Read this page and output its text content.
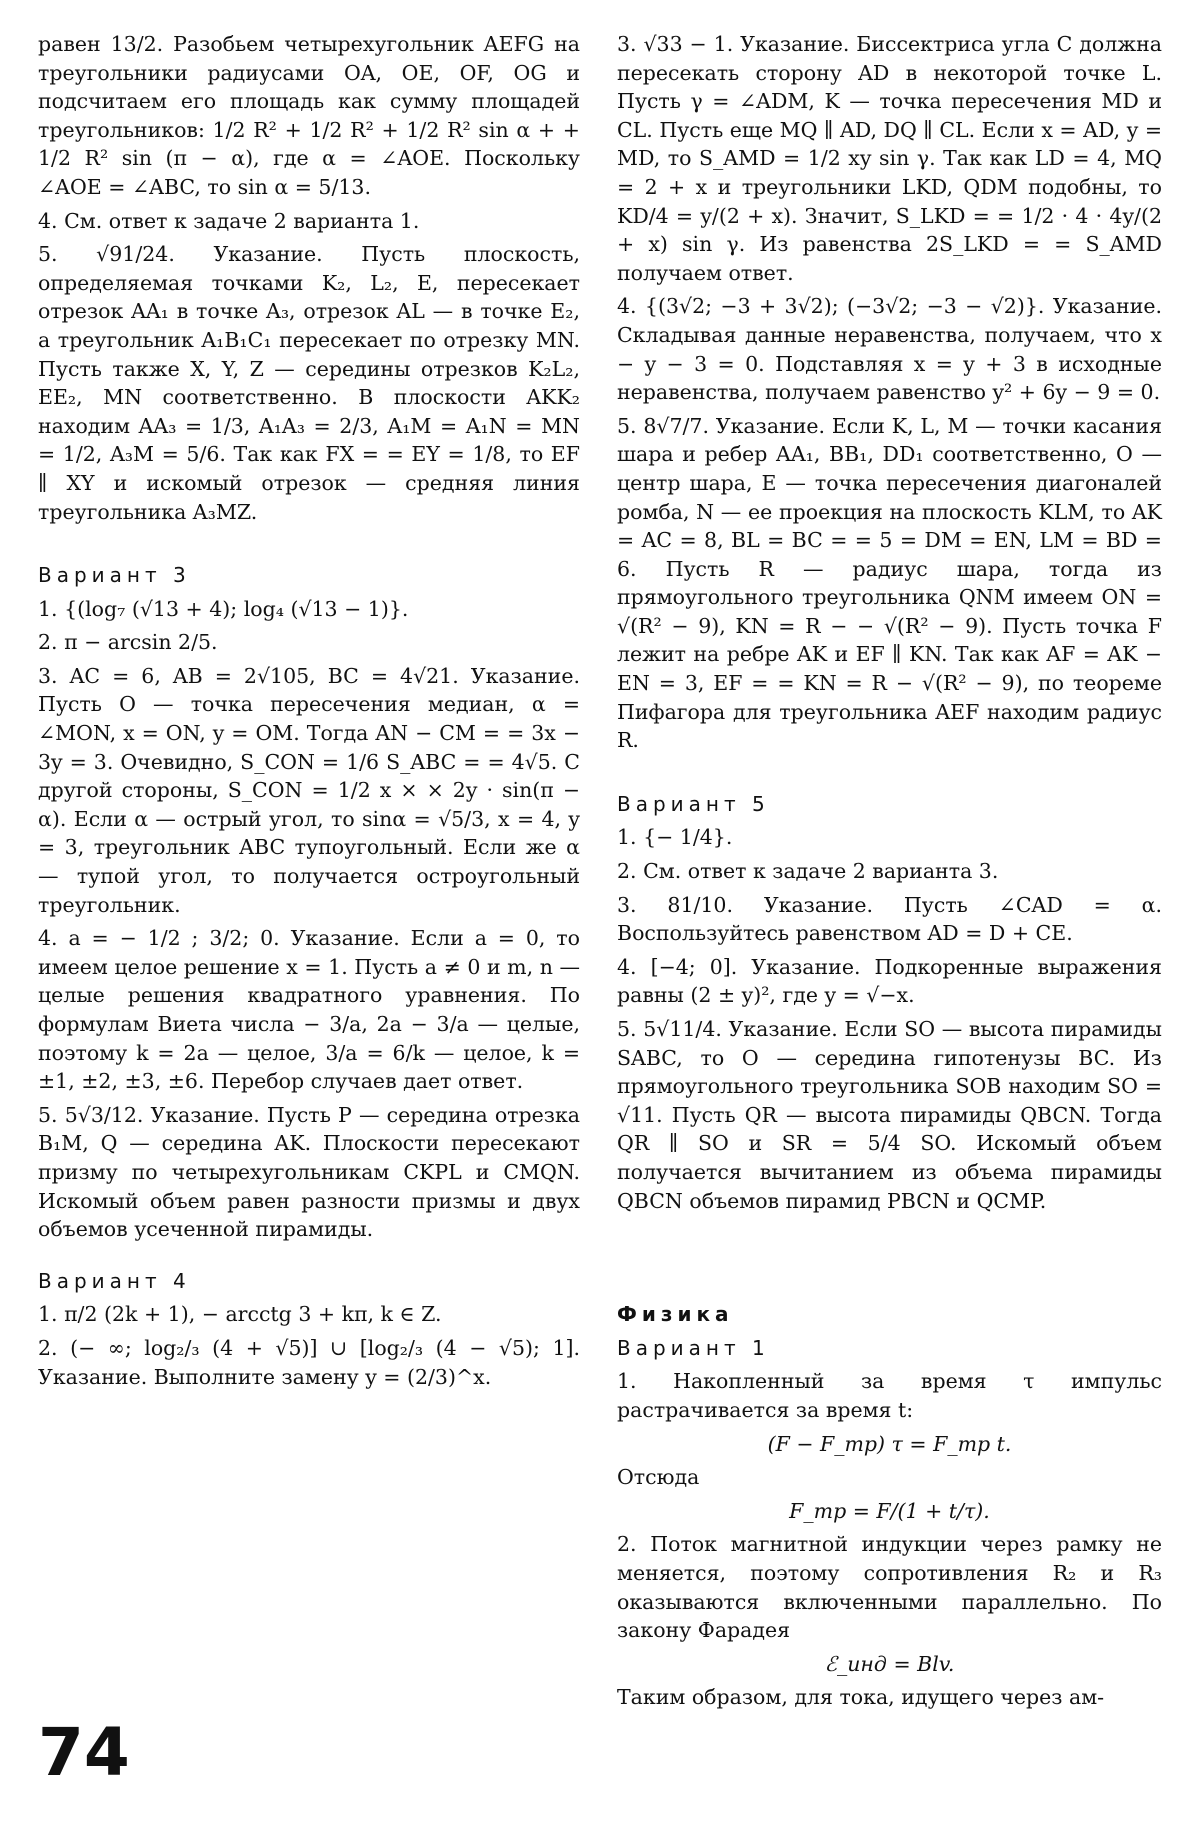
равен 13/2. Разобьем четырехугольник AEFG на треугольники радиусами OA, OE, OF, OG и подсчитаем его площадь как сумму площадей треугольников: 1/2 R² + 1/2 R² + 1/2 R² sin α + + 1/2 R² sin (π − α), где α = ∠AOE. Поскольку ∠AOE = ∠ABC, то sin α = 5/13.

4. См. ответ к задаче 2 варианта 1.

5. √91/24. Указание. Пусть плоскость, определяемая точками K₂, L₂, E, пересекает отрезок AA₁ в точке A₃, отрезок AL — в точке E₂, а треугольник A₁B₁C₁ пересекает по отрезку MN. Пусть также X, Y, Z — середины отрезков K₂L₂, EE₂, MN соответственно. В плоскости AKK₂ находим AA₃ = 1/3, A₁A₃ = 2/3, A₁M = A₁N = MN = 1/2, A₃M = 5/6. Так как FX = = EY = 1/8, то EF ∥ XY и искомый отрезок — средняя линия треугольника A₃MZ.

Вариант 3

1. {(log₇ (√13 + 4); log₄ (√13 − 1)}.

2. π − arcsin 2/5.

3. AC = 6, AB = 2√105, BC = 4√21. Указание. Пусть O — точка пересечения медиан, α = ∠MON, x = ON, y = OM. Тогда AN − CM = = 3x − 3y = 3. Очевидно, S_CON = 1/6 S_ABC = = 4√5. С другой стороны, S_CON = 1/2 x × × 2y · sin(π − α). Если α — острый угол, то sinα = √5/3, x = 4, y = 3, треугольник ABC тупоугольный. Если же α — тупой угол, то получается остроугольный треугольник.

4. a = − 1/2 ; 3/2; 0. Указание. Если a = 0, то имеем целое решение x = 1. Пусть a ≠ 0 и m, n — целые решения квадратного уравнения. По формулам Виета числа − 3/a, 2a − 3/a — целые, поэтому k = 2a — целое, 3/a = 6/k — целое, k = ±1, ±2, ±3, ±6. Перебор случаев дает ответ.

5. 5√3/12. Указание. Пусть P — середина отрезка B₁M, Q — середина AK. Плоскости пересекают призму по четырехугольникам CKPL и CMQN. Искомый объем равен разности призмы и двух объемов усеченной пирамиды.

Вариант 4

1. π/2 (2k + 1), − arcctg 3 + kπ, k ∈ Z.

2. (− ∞; log₂/₃ (4 + √5)] ∪ [log₂/₃ (4 − √5); 1]. Указание. Выполните замену y = (2/3)^x.

3. √33 − 1. Указание. Биссектриса угла C должна пересекать сторону AD в некоторой точке L. Пусть γ = ∠ADM, K — точка пересечения MD и CL. Пусть еще MQ ∥ AD, DQ ∥ CL. Если x = AD, y = MD, то S_AMD = 1/2 xy sin γ. Так как LD = 4, MQ = 2 + x и треугольники LKD, QDM подобны, то KD/4 = y/(2 + x). Значит, S_LKD = = 1/2 · 4 · 4y/(2 + x) sin γ. Из равенства 2S_LKD = = S_AMD получаем ответ.

4. {(3√2; −3 + 3√2); (−3√2; −3 − √2)}. Указание. Складывая данные неравенства, получаем, что x − y − 3 = 0. Подставляя x = y + 3 в исходные неравенства, получаем равенство y² + 6y − 9 = 0.

5. 8√7/7. Указание. Если K, L, M — точки касания шара и ребер AA₁, BB₁, DD₁ соответственно, O — центр шара, E — точка пересечения диагоналей ромба, N — ее проекция на плоскость KLM, то AK = AC = 8, BL = BC = = 5 = DM = EN, LM = BD = 6. Пусть R — радиус шара, тогда из прямоугольного треугольника QNM имеем ON = √(R² − 9), KN = R − − √(R² − 9). Пусть точка F лежит на ребре AK и EF ∥ KN. Так как AF = AK − EN = 3, EF = = KN = R − √(R² − 9), по теореме Пифагора для треугольника AEF находим радиус R.

Вариант 5

1. {− 1/4}.

2. См. ответ к задаче 2 варианта 3.

3. 81/10. Указание. Пусть ∠CAD = α. Воспользуйтесь равенством AD = D + CE.

4. [−4; 0]. Указание. Подкоренные выражения равны (2 ± y)², где y = √−x.

5. 5√11/4. Указание. Если SO — высота пирамиды SABC, то O — середина гипотенузы BC. Из прямоугольного треугольника SOB находим SO = √11. Пусть QR — высота пирамиды QBCN. Тогда QR ∥ SO и SR = 5/4 SO. Искомый объем получается вычитанием из объема пирамиды QBCN объемов пирамид PBCN и QCMP.

Физика

Вариант 1

1. Накопленный за время τ импульс растрачивается за время t:

(F − F_тр) τ = F_тр t.

Отсюда

F_тр = F/(1 + t/τ).

2. Поток магнитной индукции через рамку не меняется, поэтому сопротивления R₂ и R₃ оказываются включенными параллельно. По закону Фарадея

ℰ_инд = Blv.

Таким образом, для тока, идущего через ам-

74
